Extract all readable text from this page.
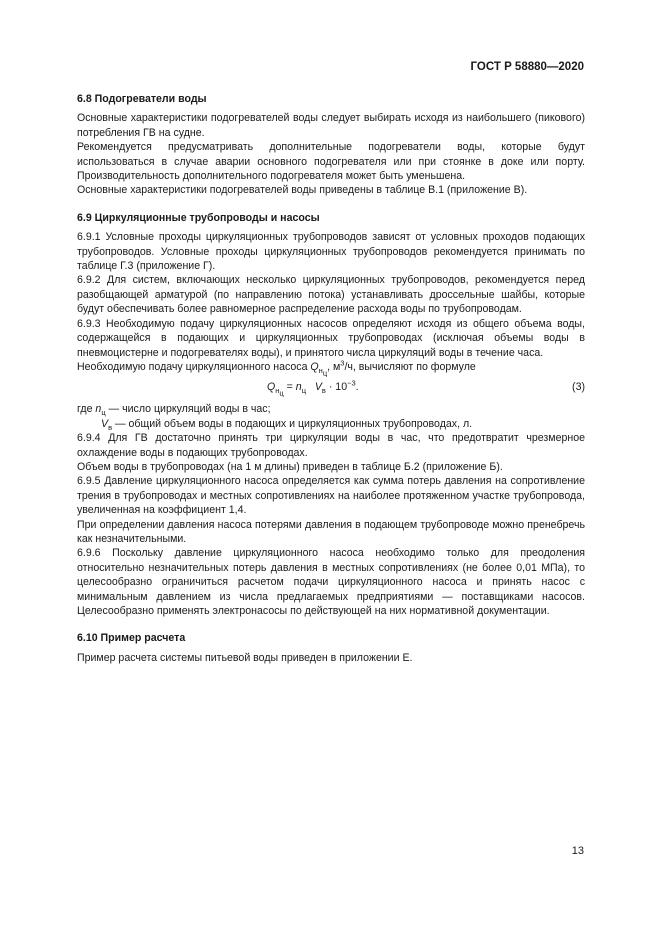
ГОСТ Р 58880—2020

6.8 Подогреватели воды

Основные характеристики подогревателей воды следует выбирать исходя из наибольшего (пикового) потребления ГВ на судне.

Рекомендуется предусматривать дополнительные подогреватели воды, которые будут использоваться в случае аварии основного подогревателя или при стоянке в доке или порту. Производительность дополнительного подогревателя может быть уменьшена.

Основные характеристики подогревателей воды приведены в таблице В.1 (приложение В).

6.9 Циркуляционные трубопроводы и насосы

6.9.1 Условные проходы циркуляционных трубопроводов зависят от условных проходов подающих трубопроводов. Условные проходы циркуляционных трубопроводов рекомендуется принимать по таблице Г.3 (приложение Г).

6.9.2 Для систем, включающих несколько циркуляционных трубопроводов, рекомендуется перед разобщающей арматурой (по направлению потока) устанавливать дроссельные шайбы, которые будут обеспечивать более равномерное распределение расхода воды по трубопроводам.

6.9.3 Необходимую подачу циркуляционных насосов определяют исходя из общего объема воды, содержащейся в подающих и циркуляционных трубопроводах (исключая объемы воды в пневмоцистерне и подогревателях воды), и принятого числа циркуляций воды в течение часа.

Необходимую подачу циркуляционного насоса $Q_{н_ц}$, $м^3/ч$, вычисляют по формуле

$Q_{н_ц} = n_ц$ $V_в \cdot 10^{-3}$.	(3)

где $n_ц$ — число циркуляций воды в час;

$V_в$ — общий объем воды в подающих и циркуляционных трубопроводах, л.

6.9.4 Для ГВ достаточно принять три циркуляции воды в час, что предотвратит чрезмерное охлаждение воды в подающих трубопроводах.

Объем воды в трубопроводах (на 1 м длины) приведен в таблице Б.2 (приложение Б).

6.9.5 Давление циркуляционного насоса определяется как сумма потерь давления на сопротивление трения в трубопроводах и местных сопротивлениях на наиболее протяженном участке трубопровода, увеличенная на коэффициент 1,4.

При определении давления насоса потерями давления в подающем трубопроводе можно пренебречь как незначительными.

6.9.6 Поскольку давление циркуляционного насоса необходимо только для преодоления относительно незначительных потерь давления в местных сопротивлениях (не более 0,01 МПа), то целесообразно ограничиться расчетом подачи циркуляционного насоса и принять насос с минимальным давлением из числа предлагаемых предприятиями — поставщиками насосов. Целесообразно применять электронасосы по действующей на них нормативной документации.

6.10 Пример расчета

Пример расчета системы питьевой воды приведен в приложении Е.

13
